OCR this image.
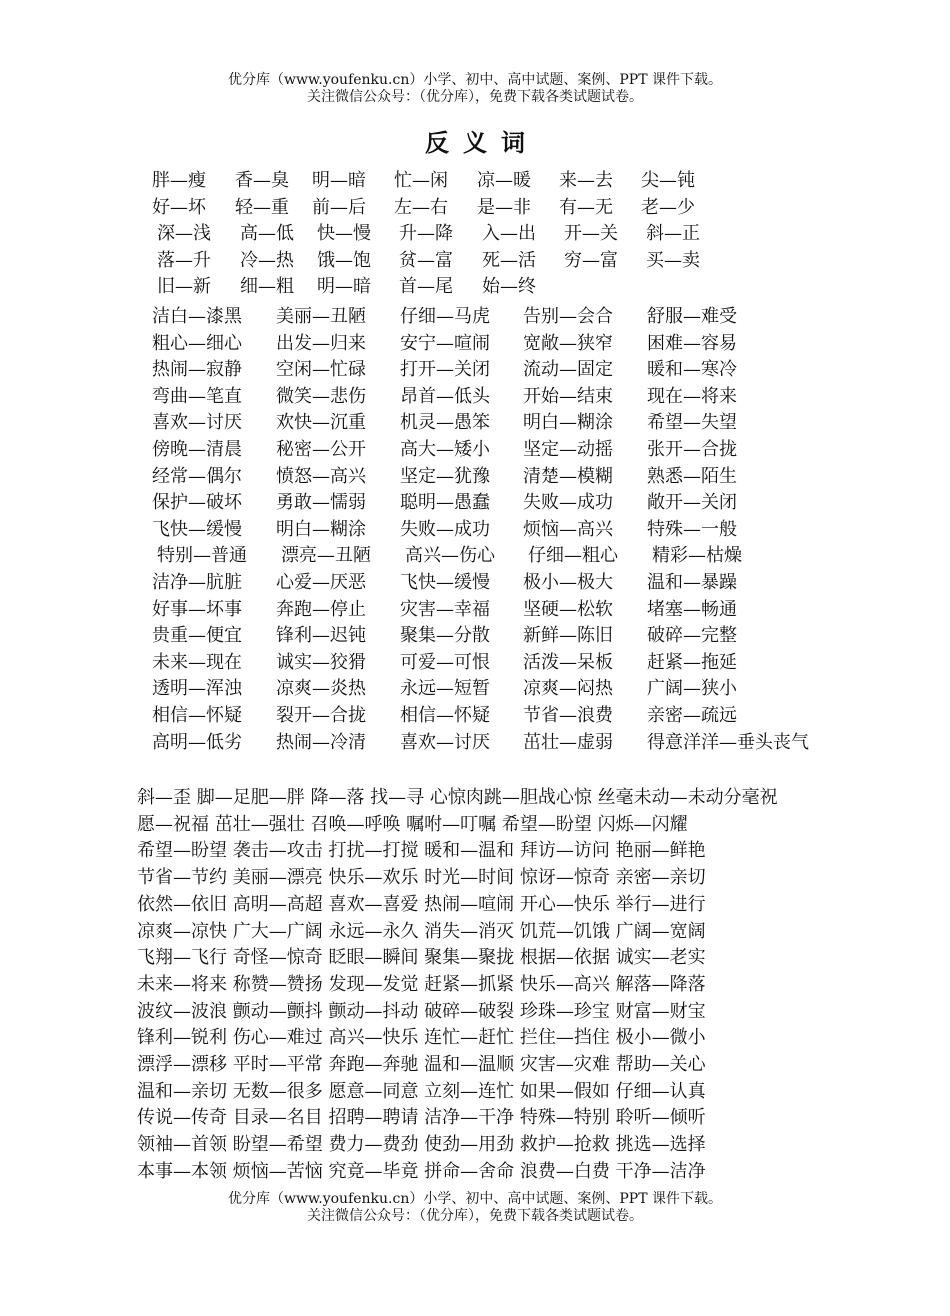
优分库（www.youfenku.cn）小学、初中、高中试题、案例、PPT 课件下载。
关注微信公众号：（优分库），免费下载各类试题试卷。
反义词
胖—瘦 香—臭 明—暗 忙—闲 凉—暖 来—去 尖—钝
好—坏 轻—重 前—后 左—右 是—非 有—无 老—少
深—浅 高—低 快—慢 升—降 入—出 开—关 斜—正
落—升 冷—热 饿—饱 贫—富 死—活 穷—富 买—卖
旧—新 细—粗 明—暗 首—尾 始—终
洁白—漆黑 美丽—丑陋 仔细—马虎 告别—会合 舒服—难受
粗心—细心 出发—归来 安宁—喧闹 宽敞—狭窄 困难—容易
热闹—寂静 空闲—忙碌 打开—关闭 流动—固定 暖和—寒冷
弯曲—笔直 微笑—悲伤 昂首—低头 开始—结束 现在—将来
喜欢—讨厌 欢快—沉重 机灵—愚笨 明白—糊涂 希望—失望
傍晚—清晨 秘密—公开 高大—矮小 坚定—动摇 张开—合拢
经常—偶尔 愤怒—高兴 坚定—犹豫 清楚—模糊 熟悉—陌生
保护—破坏 勇敢—懦弱 聪明—愚蠢 失败—成功 敞开—关闭
飞快—缓慢 明白—糊涂 失败—成功 烦恼—高兴 特殊—一般
特别—普通 漂亮—丑陋 高兴—伤心 仔细—粗心 精彩—枯燥
洁净—肮脏 心爱—厌恶 飞快—缓慢 极小—极大 温和—暴躁
好事—坏事 奔跑—停止 灾害—幸福 坚硬—松软 堵塞—畅通
贵重—便宜 锋利—迟钝 聚集—分散 新鲜—陈旧 破碎—完整
未来—现在 诚实—狡猾 可爱—可恨 活泼—呆板 赶紧—拖延
透明—浑浊 凉爽—炎热 永远—短暂 凉爽—闷热 广阔—狭小
相信—怀疑 裂开—合拢 相信—怀疑 节省—浪费 亲密—疏远
高明—低劣 热闹—冷清 喜欢—讨厌 茁壮—虚弱 得意洋洋—垂头丧气
斜—歪 脚—足肥—胖 降—落 找—寻 心惊肉跳—胆战心惊 丝毫未动—未动分毫祝
愿—祝福 茁壮—强壮 召唤—呼唤 嘱咐—叮嘱 希望—盼望 闪烁—闪耀
希望—盼望 袭击—攻击 打扰—打搅 暖和—温和 拜访—访问 艳丽—鲜艳
节省—节约 美丽—漂亮 快乐—欢乐 时光—时间 惊讶—惊奇 亲密—亲切
依然—依旧 高明—高超 喜欢—喜爱 热闹—喧闹 开心—快乐 举行—进行
凉爽—凉快 广大—广阔 永远—永久 消失—消灭 饥荒—饥饿 广阔—宽阔
飞翔—飞行 奇怪—惊奇 眨眼—瞬间 聚集—聚拢 根据—依据 诚实—老实
未来—将来 称赞—赞扬 发现—发觉 赶紧—抓紧 快乐—高兴 解落—降落
波纹—波浪 颤动—颤抖 颤动—抖动 破碎—破裂 珍珠—珍宝 财富—财宝
锋利—锐利 伤心—难过 高兴—快乐 连忙—赶忙 拦住—挡住 极小—微小
漂浮—漂移 平时—平常 奔跑—奔驰 温和—温顺 灾害—灾难 帮助—关心
温和—亲切 无数—很多 愿意—同意 立刻—连忙 如果—假如 仔细—认真
传说—传奇 目录—名目 招聘—聘请 洁净—干净 特殊—特别 聆听—倾听
领袖—首领 盼望—希望 费力—费劲 使劲—用劲 救护—抢救 挑选—选择
本事—本领 烦恼—苦恼 究竟—毕竟 拼命—舍命 浪费—白费 干净—洁净
优分库（www.youfenku.cn）小学、初中、高中试题、案例、PPT 课件下载。
关注微信公众号：（优分库），免费下载各类试题试卷。
